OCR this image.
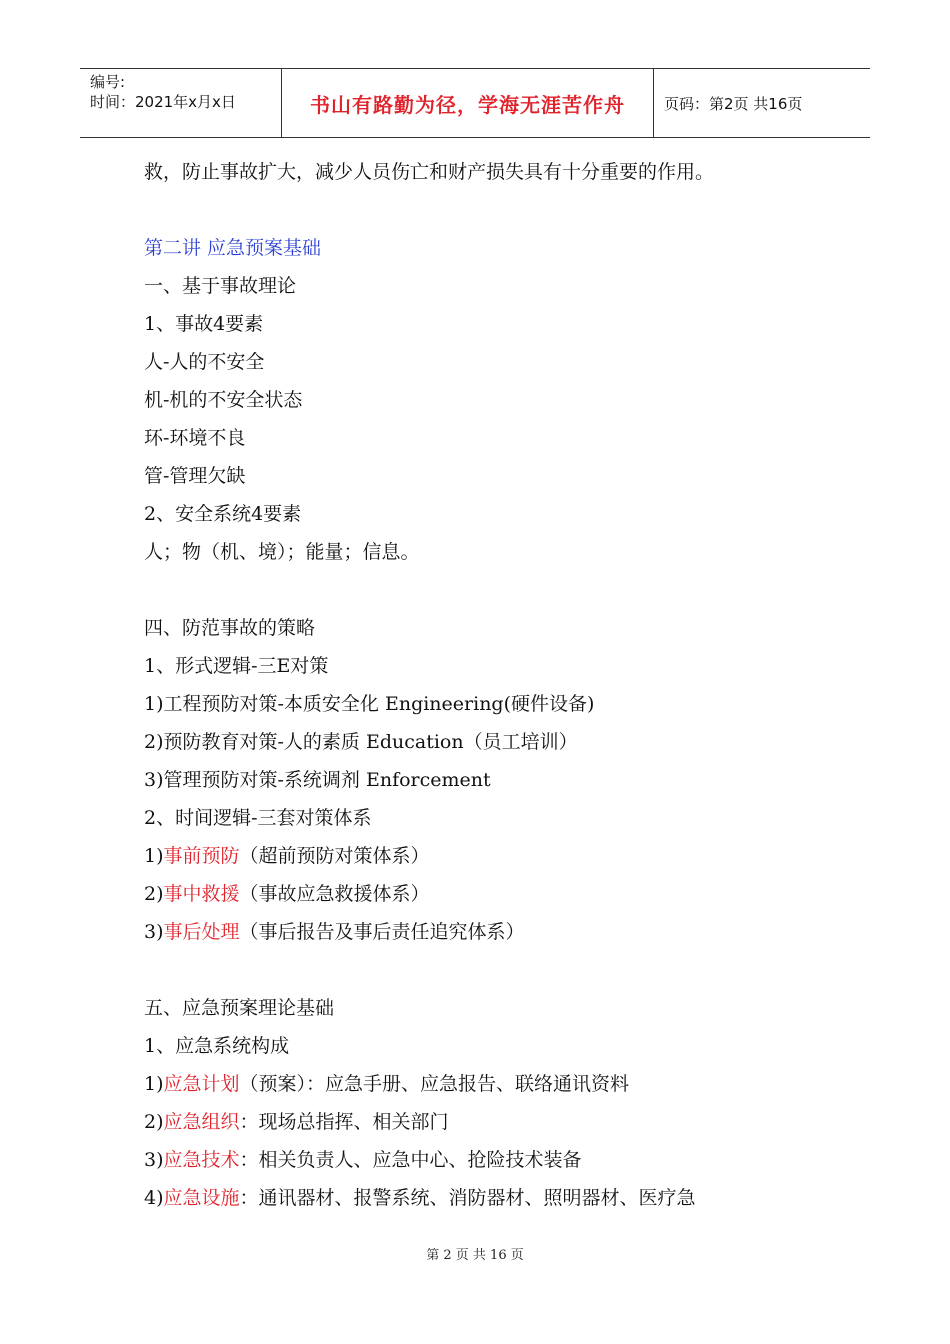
编号:
时间：2021年x月x日	书山有路勤为径，学海无涯苦作舟	页码：第2页 共16页
救，防止事故扩大，减少人员伤亡和财产损失具有十分重要的作用。
第二讲 应急预案基础
一、基于事故理论
1、事故4要素
人-人的不安全
机-机的不安全状态
环-环境不良
管-管理欠缺
2、安全系统4要素
人；物（机、境）；能量；信息。
四、防范事故的策略
1、形式逻辑-三E对策
1)工程预防对策-本质安全化 Engineering(硬件设备)
2)预防教育对策-人的素质 Education（员工培训）
3)管理预防对策-系统调剂 Enforcement
2、时间逻辑-三套对策体系
1)事前预防（超前预防对策体系）
2)事中救援（事故应急救援体系）
3)事后处理（事后报告及事后责任追究体系）
五、应急预案理论基础
1、应急系统构成
1)应急计划（预案）：应急手册、应急报告、联络通讯资料
2)应急组织：现场总指挥、相关部门
3)应急技术：相关负责人、应急中心、抢险技术装备
4)应急设施：通讯器材、报警系统、消防器材、照明器材、医疗急
第 2 页 共 16 页
